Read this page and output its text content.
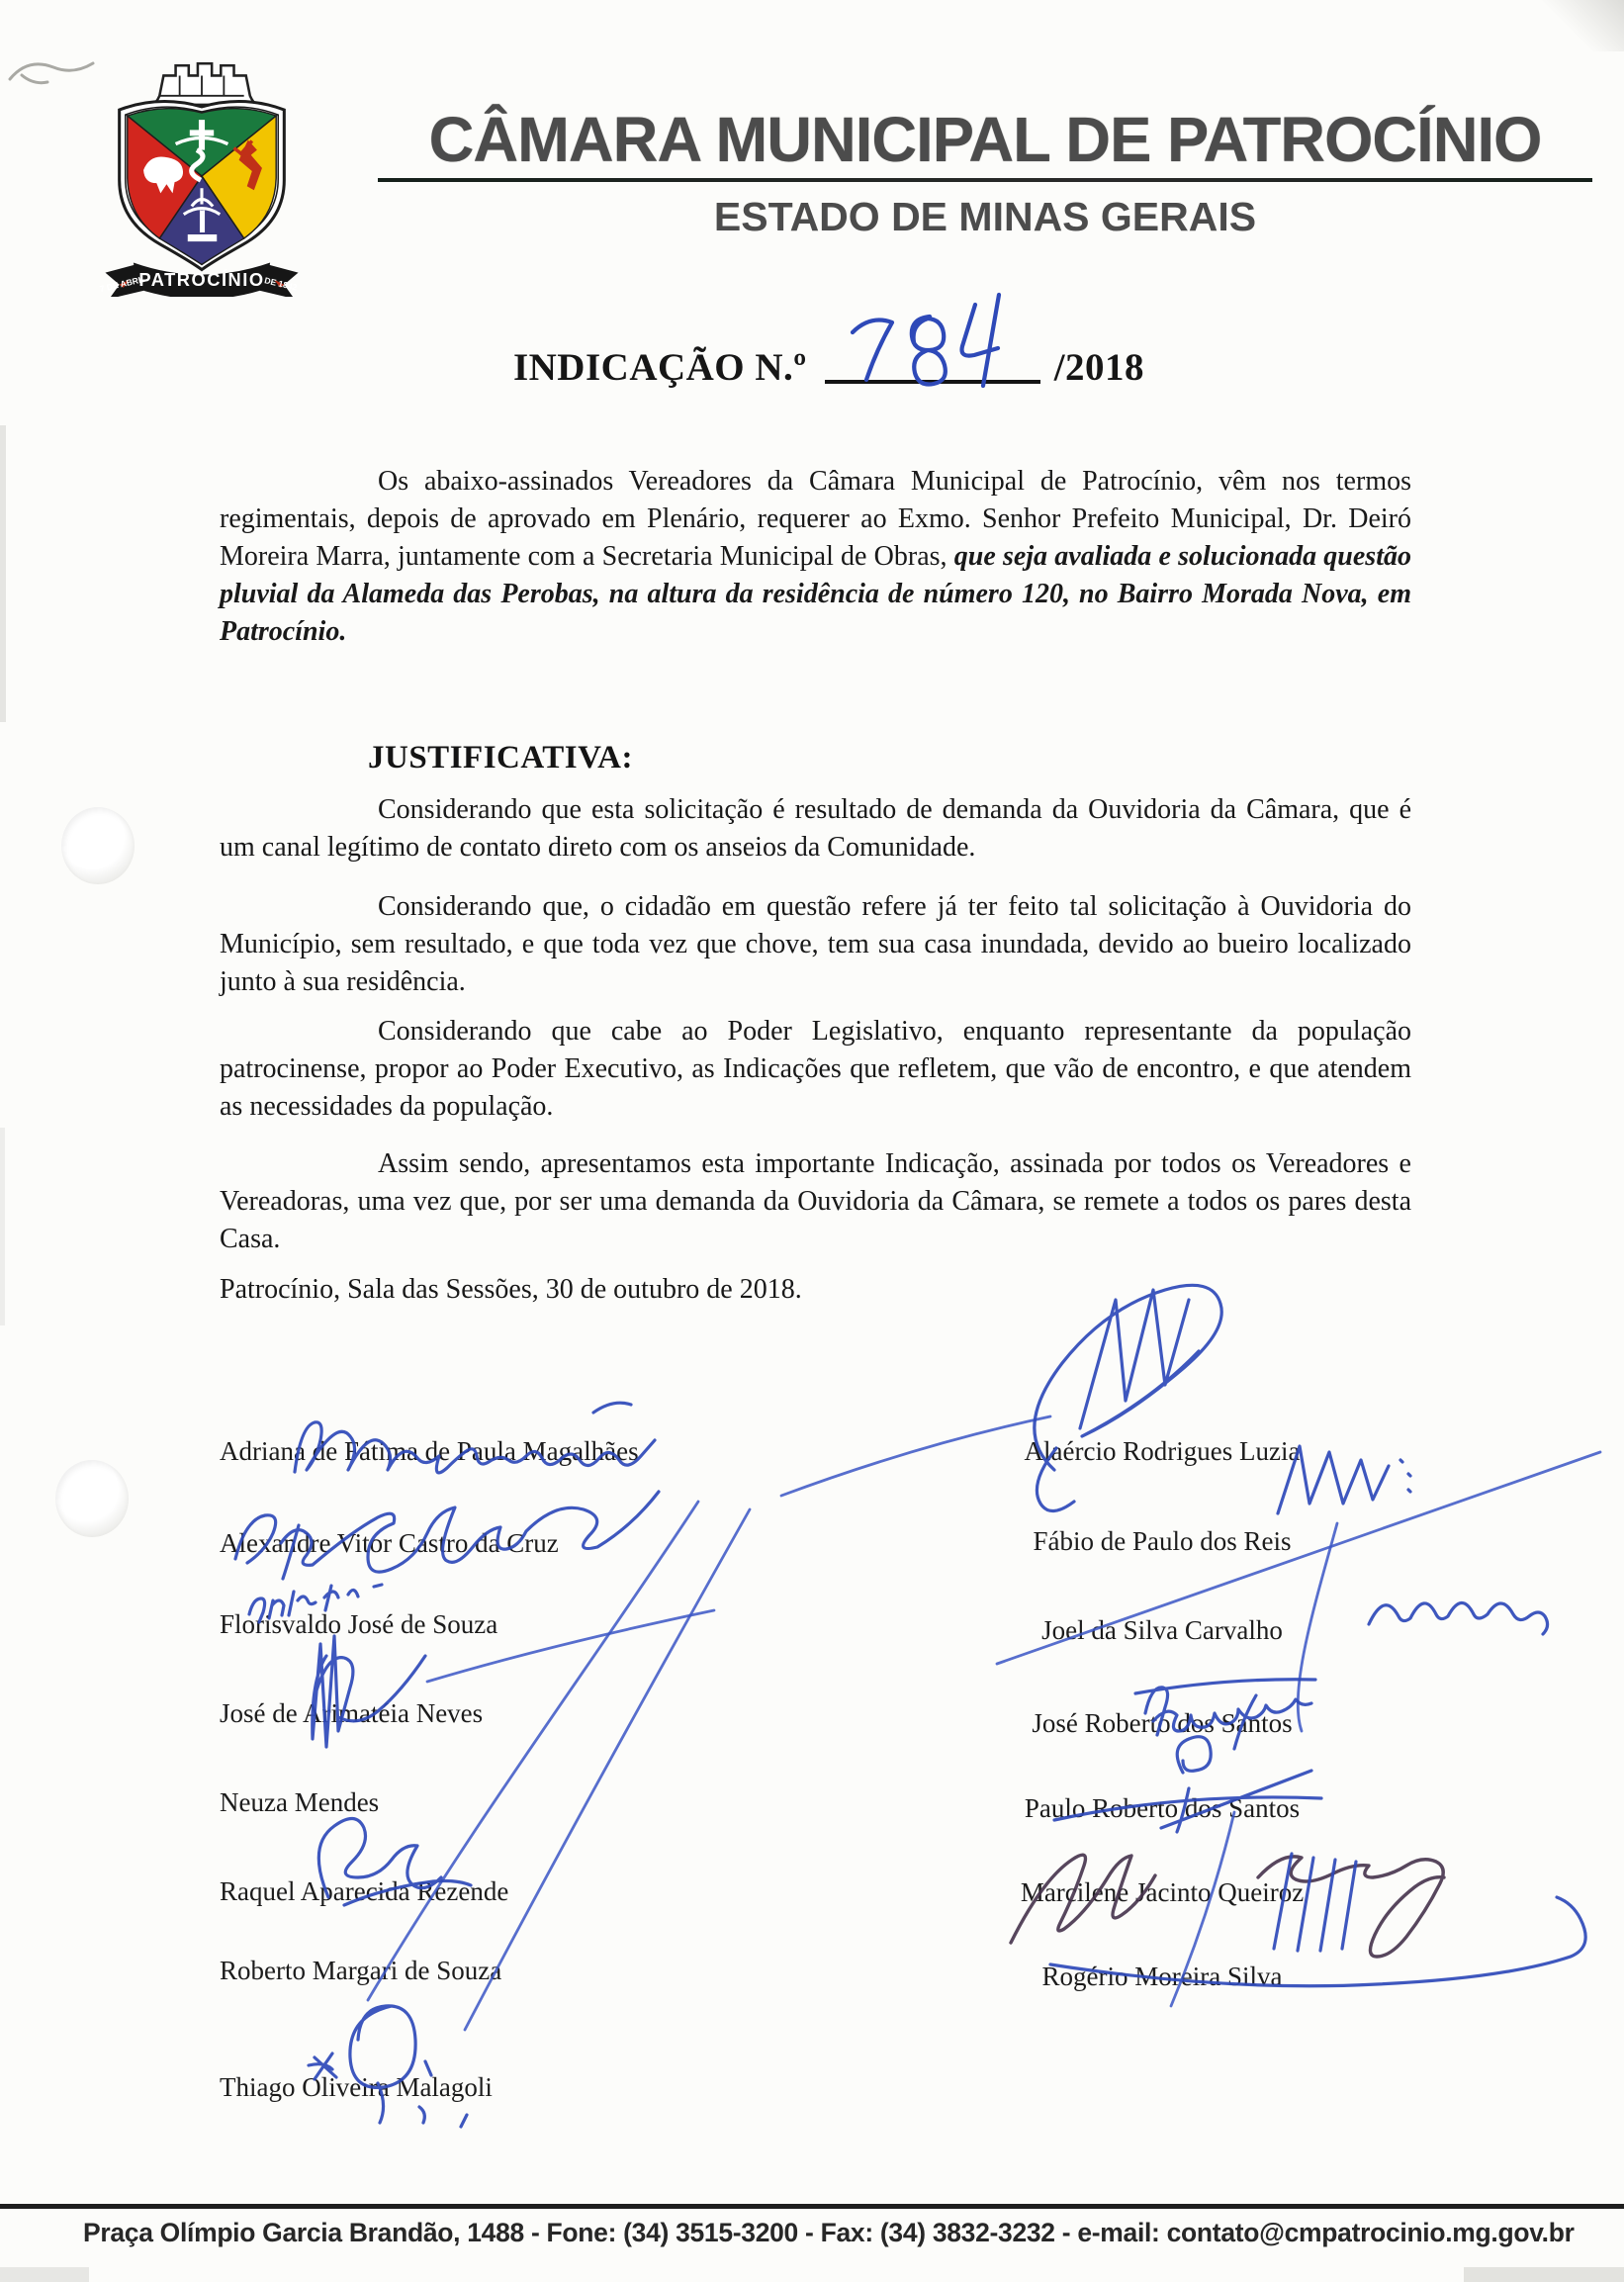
PATROCÍNIO
7 DE ABRIL	DE 1842
CÂMARA MUNICIPAL DE PATROCÍNIO
ESTADO DE MINAS GERAIS
INDICAÇÃO N.º	/2018

Os abaixo-assinados Vereadores da Câmara Municipal de Patrocínio, vêm nos termos regimentais, depois de aprovado em Plenário, requerer ao Exmo. Senhor Prefeito Municipal, Dr. Deiró Moreira Marra, juntamente com a Secretaria Municipal de Obras, que seja avaliada e solucionada questão pluvial da Alameda das Perobas, na altura da residência de número 120, no Bairro Morada Nova, em Patrocínio.

JUSTIFICATIVA:

Considerando que esta solicitação é resultado de demanda da Ouvidoria da Câmara, que é um canal legítimo de contato direto com os anseios da Comunidade.

Considerando que, o cidadão em questão refere já ter feito tal solicitação à Ouvidoria do Município, sem resultado, e que toda vez que chove, tem sua casa inundada, devido ao bueiro localizado junto à sua residência.

Considerando que cabe ao Poder Legislativo, enquanto representante da população patrocinense, propor ao Poder Executivo, as Indicações que refletem, que vão de encontro, e que atendem as necessidades da população.

Assim sendo, apresentamos esta importante Indicação, assinada por todos os Vereadores e Vereadoras, uma vez que, por ser uma demanda da Ouvidoria da Câmara, se remete a todos os pares desta Casa.

Patrocínio, Sala das Sessões, 30 de outubro de 2018.
Adriana de Fátima de Paula Magalhães
Alexandre Vitor Castro da Cruz
Florisvaldo José de Souza
José de Arimatéia Neves
Neuza Mendes
Raquel Aparecida Rezende
Roberto Margari de Souza
Thiago Oliveira Malagoli
Alaércio Rodrigues Luzia
Fábio de Paulo dos Reis
Joel da Silva Carvalho
José Roberto dos Santos
Paulo Roberto dos Santos
Marcilene Jacinto Queiroz
Rogério Moreira Silva
Praça Olímpio Garcia Brandão, 1488 - Fone: (34) 3515-3200 - Fax: (34) 3832-3232 - e-mail: contato@cmpatrocinio.mg.gov.br
